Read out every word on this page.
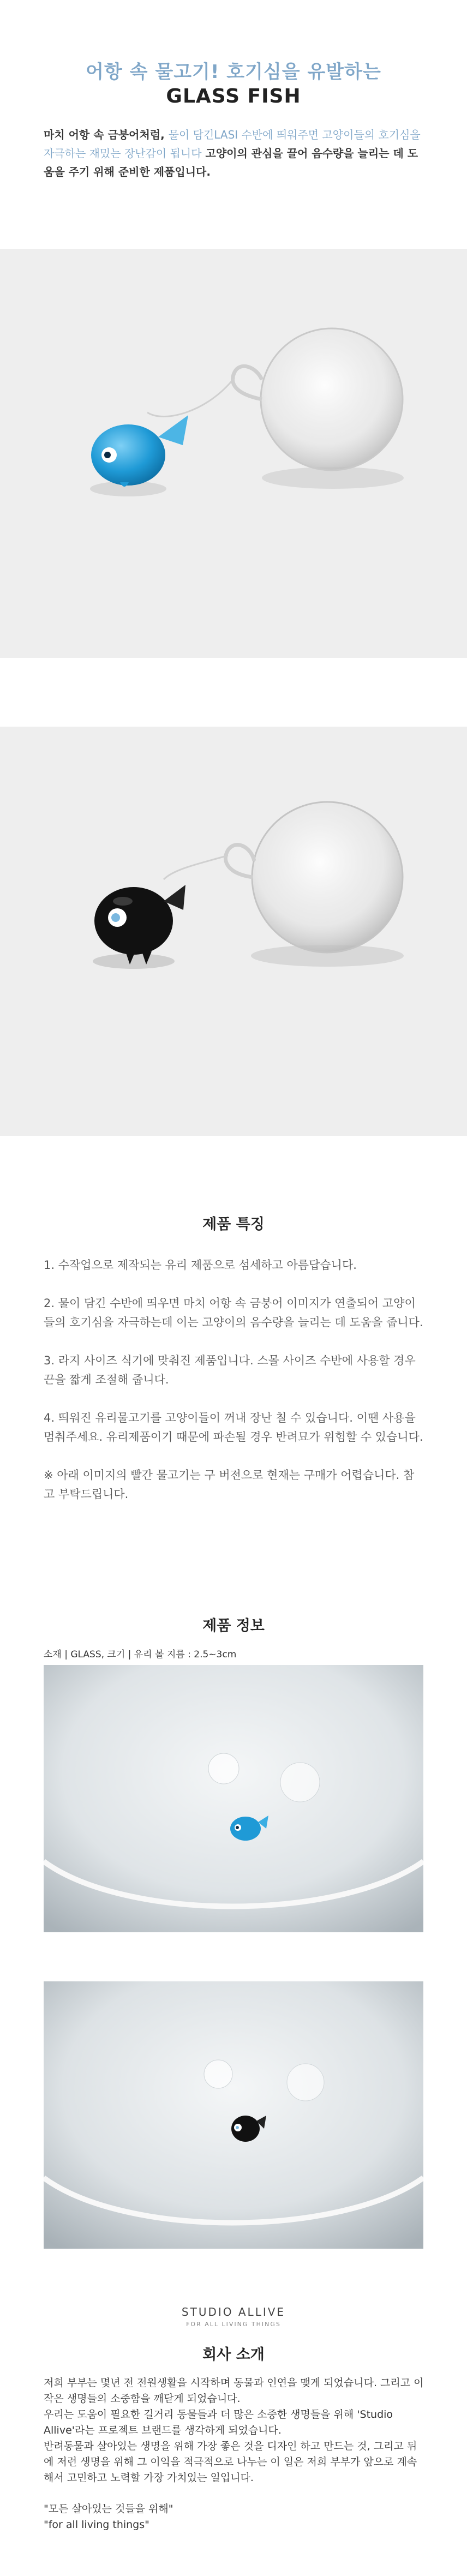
어항 속 물고기! 호기심을 유발하는
GLASS FISH
마치 어항 속 금붕어처럼, 물이 담긴LASI 수반에 띄워주면 고양이들의 호기심을 자극하는 재밌는 장난감이 됩니다 고양이의 관심을 끌어 음수량을 늘리는 데 도움을 주기 위해 준비한 제품입니다.
제품 특징

1. 수작업으로 제작되는 유리 제품으로 섬세하고 아름답습니다.

2. 물이 담긴 수반에 띄우면 마치 어항 속 금붕어 이미지가 연출되어 고양이들의 호기심을 자극하는데 이는 고양이의 음수량을 늘리는 데 도움을 줍니다.

3. 라지 사이즈 식기에 맞춰진 제품입니다. 스몰 사이즈 수반에 사용할 경우 끈을 짧게 조절해 줍니다.

4. 띄워진 유리물고기를 고양이들이 꺼내 장난 칠 수 있습니다. 이땐 사용을 멈춰주세요. 유리제품이기 때문에 파손될 경우 반려묘가 위험할 수 있습니다.

※ 아래 이미지의 빨간 물고기는 구 버전으로 현재는 구매가 어렵습니다. 참고 부탁드립니다.

제품 정보
소재 | GLASS, 크기 | 유리 볼 지름 : 2.5~3cm
STUDIO ALLIVE
FOR ALL LIVING THINGS
회사 소개

저희 부부는 몇년 전 전원생활을 시작하며 동물과 인연을 맺게 되었습니다. 그리고 이 작은 생명들의 소중함을 깨닫게 되었습니다.

우리는 도움이 필요한 길거리 동물들과 더 많은 소중한 생명들을 위해 'Studio Allive'라는 프로젝트 브랜드를 생각하게 되었습니다.

반려동물과 살아있는 생명을 위해 가장 좋은 것을 디자인 하고 만드는 것, 그리고 뒤에 저런 생명을 위해 그 이익을 적극적으로 나누는 이 일은 저희 부부가 앞으로 계속해서 고민하고 노력할 가장 가치있는 일입니다.

"모든 살아있는 것들을 위해"

"for all living things"
